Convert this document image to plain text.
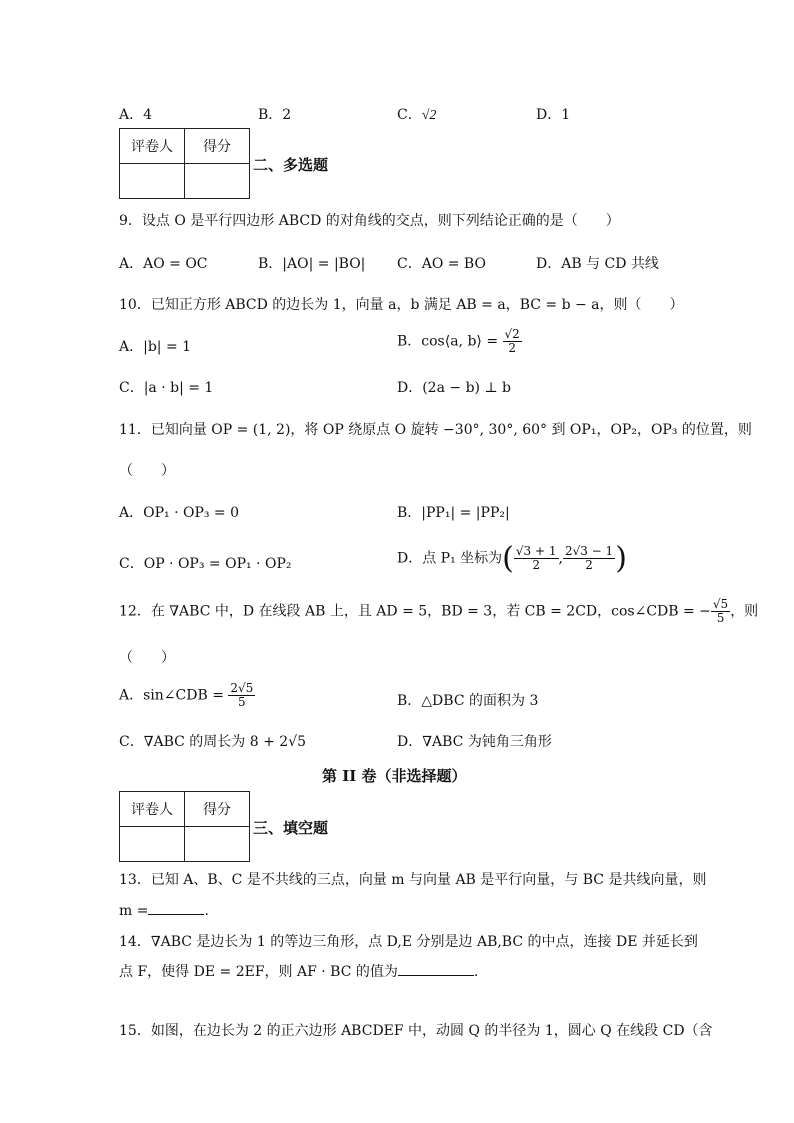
A．4	B．2	C．√2	D．1
评卷人	得分

二、多选题
9．设点 O 是平行四边形 ABCD 的对角线的交点，则下列结论正确的是（　　）
A．AO = OC	B．|AO| = |BO| C．AO = BO	D．AB 与 CD 共线
10．已知正方形 ABCD 的边长为 1，向量 a，b 满足 AB = a，BC = b − a，则（　　）
A．|b| = 1	B．cos⟨a, b⟩ = $\frac{√2}{2}$
C．|a · b| = 1	D．(2a − b) ⊥ b
11．已知向量 OP = (1, 2)，将 OP 绕原点 O 旋转 −30°, 30°, 60° 到 OP₁，OP₂，OP₃ 的位置，则
（　　）
A．OP₁ · OP₃ = 0	B．|PP₁| = |PP₂|
C．OP · OP₃ = OP₁ · OP₂	D．点 P₁ 坐标为( $\frac{√3 + 1}{2}$ , $\frac{2√3 - 1}{2}$ )
12．在 ∇ABC 中，D 在线段 AB 上，且 AD = 5，BD = 3，若 CB = 2CD，cos∠CDB = − $\frac{√5}{5}$ ，则
（　　）
A．sin∠CDB = $\frac{2√5}{5}$	B．△DBC 的面积为 3
C．∇ABC 的周长为 8 + 2√5	D．∇ABC 为钝角三角形
第 II 卷（非选择题）
评卷人	得分

三、填空题
13．已知 A、B、C 是不共线的三点，向量 m 与向量 AB 是平行向量，与 BC 是共线向量，则
m =	.
14．∇ABC 是边长为 1 的等边三角形，点 D,E 分别是边 AB,BC 的中点，连接 DE 并延长到
点 F，使得 DE = 2EF，则 AF · BC 的值为	.
15．如图，在边长为 2 的正六边形 ABCDEF 中，动圆 Q 的半径为 1，圆心 Q 在线段 CD（含
